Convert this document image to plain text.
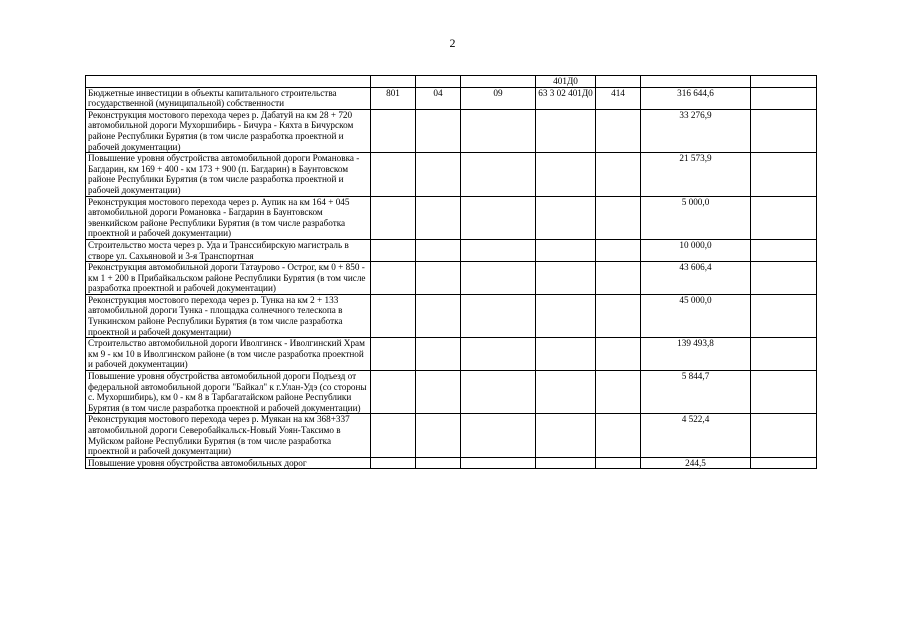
2
				401Д0			
Бюджетные инвестиции в объекты капитального строительства государственной (муниципальной) собственности	801	04	09	63 3 02 401Д0	414	316 644,6	
Реконструкция мостового перехода через р. Дабатуй на км 28 + 720 автомобильной дороги Мухоршибирь - Бичура - Кяхта в Бичурском районе Республики Бурятия (в том числе разработка проектной и рабочей документации)						33 276,9	
Повышение уровня обустройства автомобильной дороги Романовка - Багдарин, км 169 + 400 - км 173 + 900 (п. Багдарин) в Баунтовском районе Республики Бурятия (в том числе разработка проектной и рабочей документации)						21 573,9	
Реконструкция мостового перехода через р. Аупик на км 164 + 045 автомобильной дороги Романовка - Багдарин в Баунтовском эвенкийском районе Республики Бурятия (в том числе разработка проектной и рабочей документации)						5 000,0	
Строительство моста через р. Уда и Транссибирскую магистраль в створе ул. Сахьяновой и 3-я Транспортная						10 000,0	
Реконструкция автомобильной дороги Татаурово - Острог, км 0 + 850 - км 1 + 200 в Прибайкальском районе Республики Бурятия (в том числе разработка проектной и рабочей документации)						43 606,4	
Реконструкция мостового перехода через р. Тунка на км 2 + 133 автомобильной дороги Тунка - площадка солнечного телескопа в Тункинском районе Республики Бурятия (в том числе разработка проектной и рабочей документации)						45 000,0	
Строительство автомобильной дороги Иволгинск - Иволгинский Храм км 9 - км 10 в Иволгинском районе (в том числе разработка проектной и рабочей документации)						139 493,8	
Повышение уровня обустройства автомобильной дороги Подъезд от федеральной автомобильной дороги "Байкал" к г.Улан-Удэ (со стороны с. Мухоршибирь), км 0 - км 8 в Тарбагатайском районе Республики Бурятия (в том числе разработка проектной и рабочей документации)						5 844,7	
Реконструкция мостового перехода через р. Муякан на км 368+337 автомобильной дороги Северобайкальск-Новый Уоян-Таксимо в Муйском районе Республики Бурятия (в том числе разработка проектной и рабочей документации)						4 522,4	
Повышение уровня обустройства автомобильных дорог						244,5	
